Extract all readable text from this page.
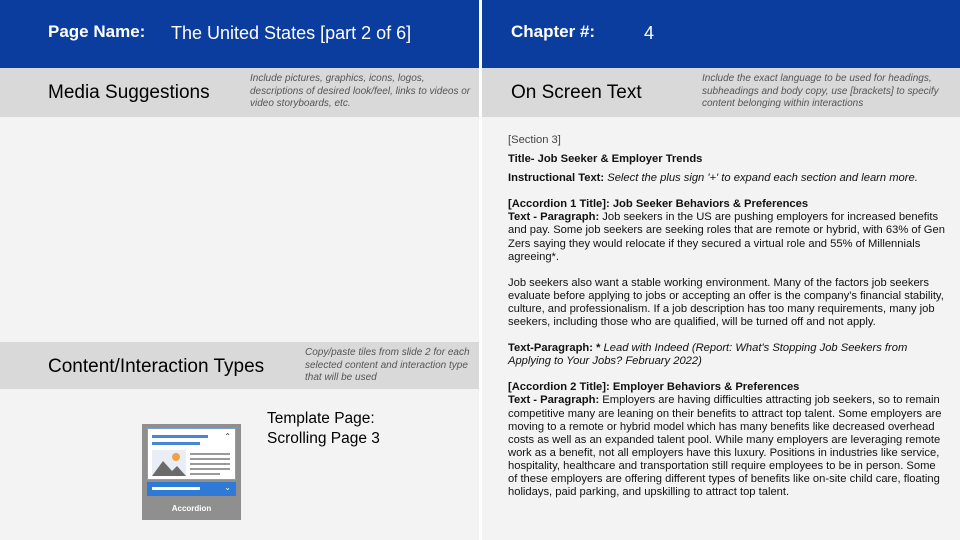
Page Name: The United States [part 2 of 6]	Chapter #:	4
Media Suggestions
Include pictures, graphics, icons, logos, descriptions of desired look/feel, links to videos or video storyboards, etc.
On Screen Text
Include the exact language to be used for headings, subheadings and body copy, use [brackets] to specify content belonging within interactions
Content/Interaction Types
Copy/paste tiles from slide 2 for each selected content and interaction type that will be used
⌃
⌄
Accordion
Template Page:
Scrolling Page 3

[Section 3]

Title- Job Seeker & Employer Trends

Instructional Text: Select the plus sign '+' to expand each section and learn more.

[Accordion 1 Title]: Job Seeker Behaviors & Preferences

Text - Paragraph: Job seekers in the US are pushing employers for increased benefits and pay. Some job seekers are seeking roles that are remote or hybrid, with 63% of Gen Zers saying they would relocate if they secured a virtual role and 55% of Millennials agreeing*.

Job seekers also want a stable working environment. Many of the factors job seekers evaluate before applying to jobs or accepting an offer is the company's financial stability, culture, and professionalism. If a job description has too many requirements, many job seekers, including those who are qualified, will be turned off and not apply.

Text-Paragraph: * Lead with Indeed (Report: What's Stopping Job Seekers from Applying to Your Jobs? February 2022)

[Accordion 2 Title]: Employer Behaviors & Preferences

Text - Paragraph: Employers are having difficulties attracting job seekers, so to remain competitive many are leaning on their benefits to attract top talent. Some employers are moving to a remote or hybrid model which has many benefits like decreased overhead costs as well as an expanded talent pool. While many employers are leveraging remote work as a benefit, not all employers have this luxury. Positions in industries like service, hospitality, healthcare and transportation still require employees to be in person. Some of these employers are offering different types of benefits like on-site child care, floating holidays, paid parking, and upskilling to attract top talent.
